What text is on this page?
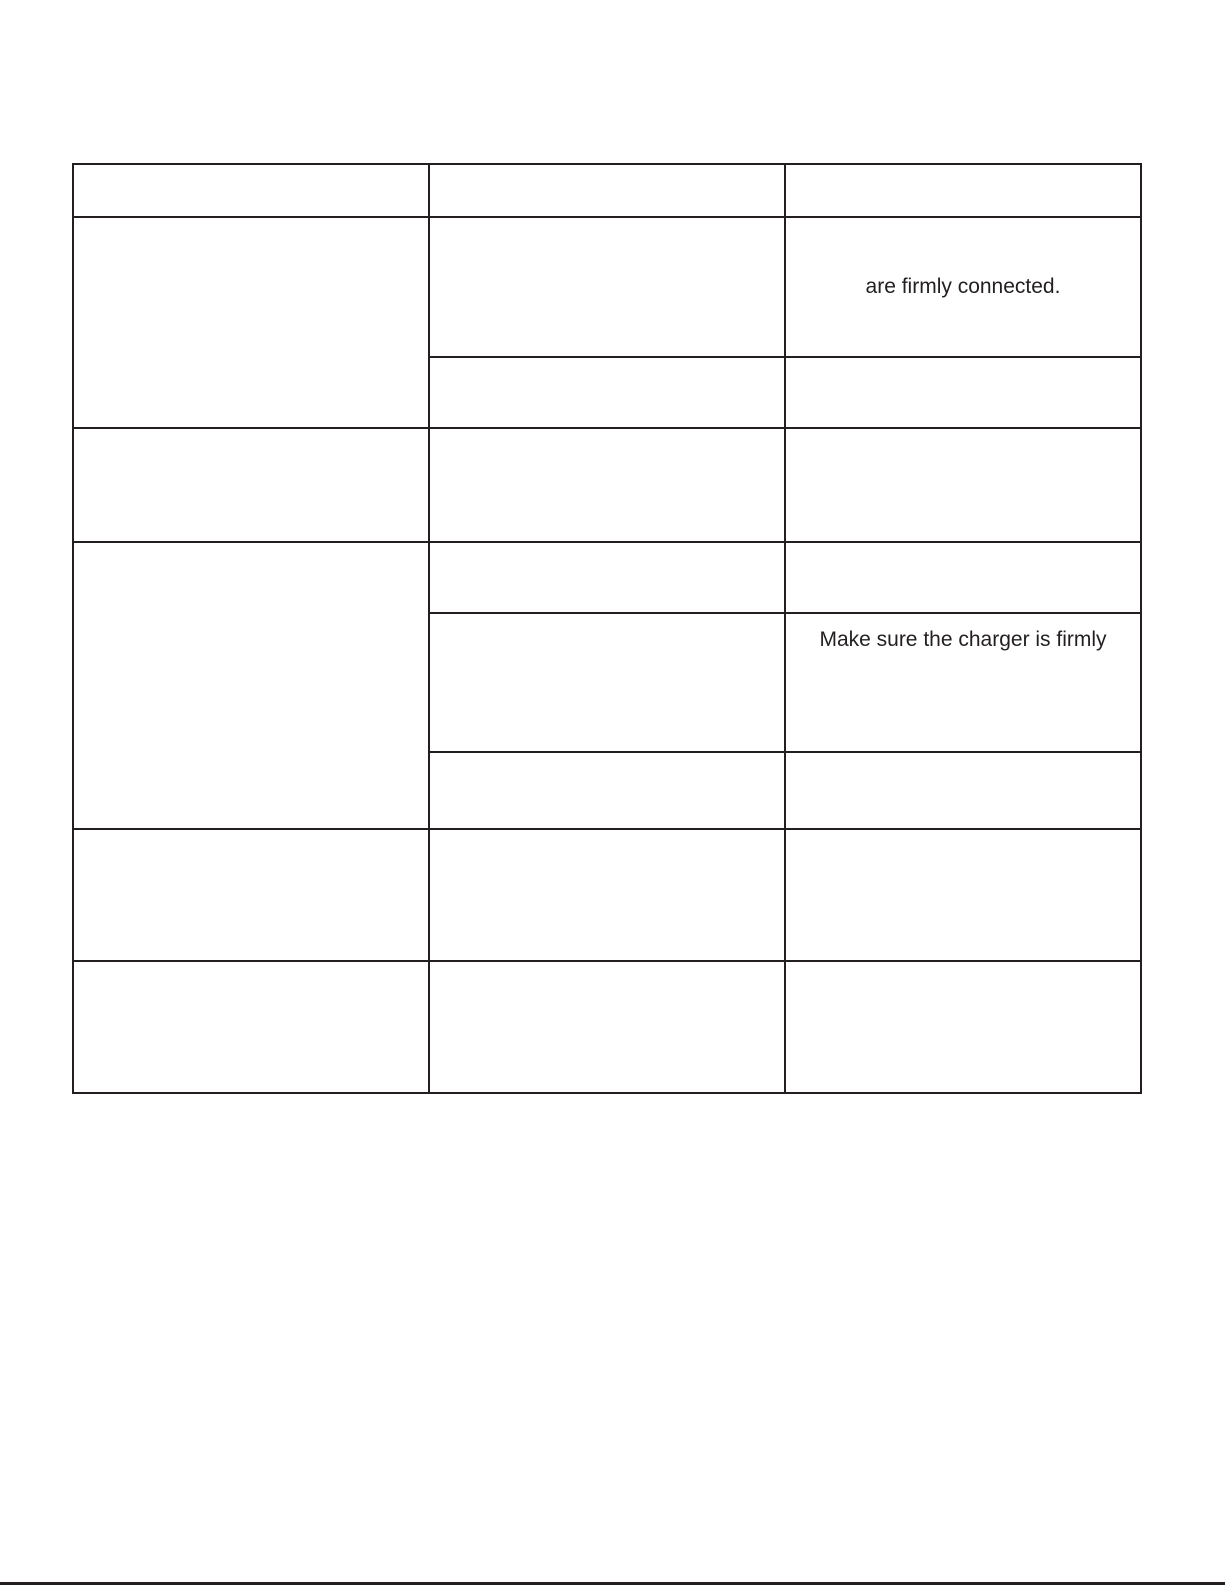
		are firmly connected.

		Make sure the charger is firmly
